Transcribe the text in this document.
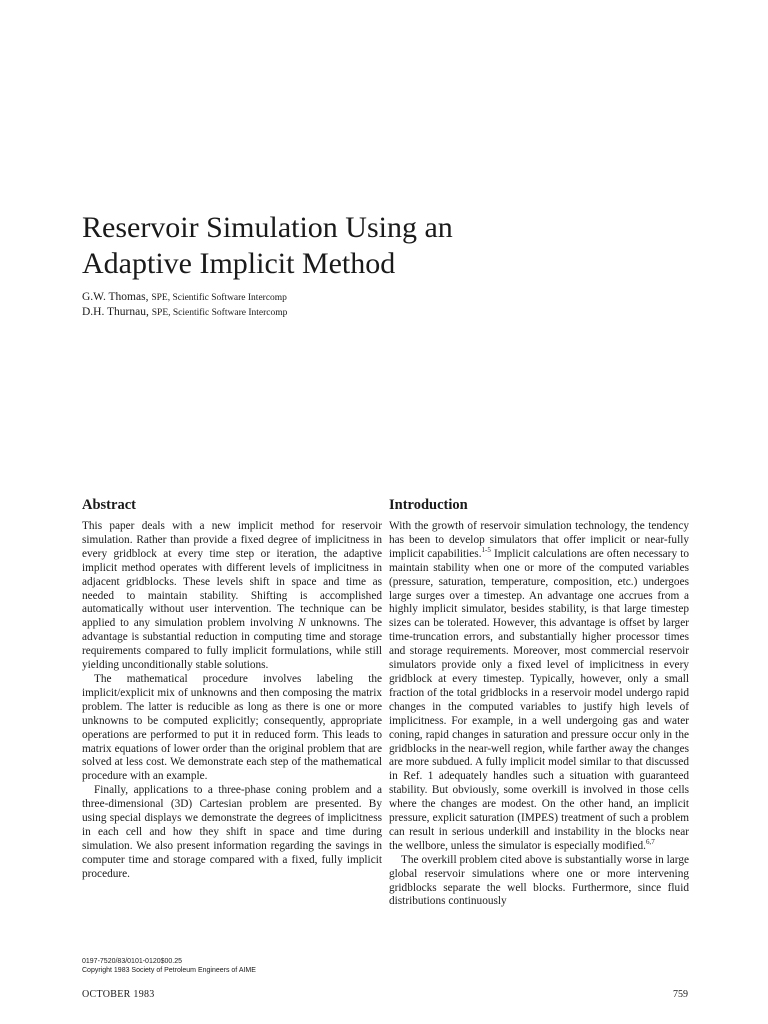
Reservoir Simulation Using an
Adaptive Implicit Method
G.W. Thomas, SPE, Scientific Software Intercomp
D.H. Thurnau, SPE, Scientific Software Intercomp
Abstract

This paper deals with a new implicit method for reservoir simulation. Rather than provide a fixed degree of implicitness in every gridblock at every time step or iteration, the adaptive implicit method operates with different levels of implicitness in adjacent gridblocks. These levels shift in space and time as needed to maintain stability. Shifting is accomplished automatically without user intervention. The technique can be applied to any simulation problem involving N unknowns. The advantage is substantial reduction in computing time and storage requirements compared to fully implicit formulations, while still yielding unconditionally stable solutions.

The mathematical procedure involves labeling the implicit/explicit mix of unknowns and then composing the matrix problem. The latter is reducible as long as there is one or more unknowns to be computed explicitly; consequently, appropriate operations are performed to put it in reduced form. This leads to matrix equations of lower order than the original problem that are solved at less cost. We demonstrate each step of the mathematical procedure with an example.

Finally, applications to a three-phase coning problem and a three-dimensional (3D) Cartesian problem are presented. By using special displays we demonstrate the degrees of implicitness in each cell and how they shift in space and time during simulation. We also present information regarding the savings in computer time and storage compared with a fixed, fully implicit procedure.

Introduction

With the growth of reservoir simulation technology, the tendency has been to develop simulators that offer implicit or near-fully implicit capabilities.$^{1-5}$ Implicit calculations are often necessary to maintain stability when one or more of the computed variables (pressure, saturation, temperature, composition, etc.) undergoes large surges over a timestep. An advantage one accrues from a highly implicit simulator, besides stability, is that large timestep sizes can be tolerated. However, this advantage is offset by larger time-truncation errors, and substantially higher processor times and storage requirements. Moreover, most commercial reservoir simulators provide only a fixed level of implicitness in every gridblock at every timestep. Typically, however, only a small fraction of the total gridblocks in a reservoir model undergo rapid changes in the computed variables to justify high levels of implicitness. For example, in a well undergoing gas and water coning, rapid changes in saturation and pressure occur only in the gridblocks in the near-well region, while farther away the changes are more subdued. A fully implicit model similar to that discussed in Ref. 1 adequately handles such a situation with guaranteed stability. But obviously, some overkill is involved in those cells where the changes are modest. On the other hand, an implicit pressure, explicit saturation (IMPES) treatment of such a problem can result in serious underkill and instability in the blocks near the wellbore, unless the simulator is especially modified.$^{6,7}$

The overkill problem cited above is substantially worse in large global reservoir simulations where one or more intervening gridblocks separate the well blocks. Furthermore, since fluid distributions continuously

0197-7520/83/0101-0120$00.25
Copyright 1983 Society of Petroleum Engineers of AIME
OCTOBER 1983	759
